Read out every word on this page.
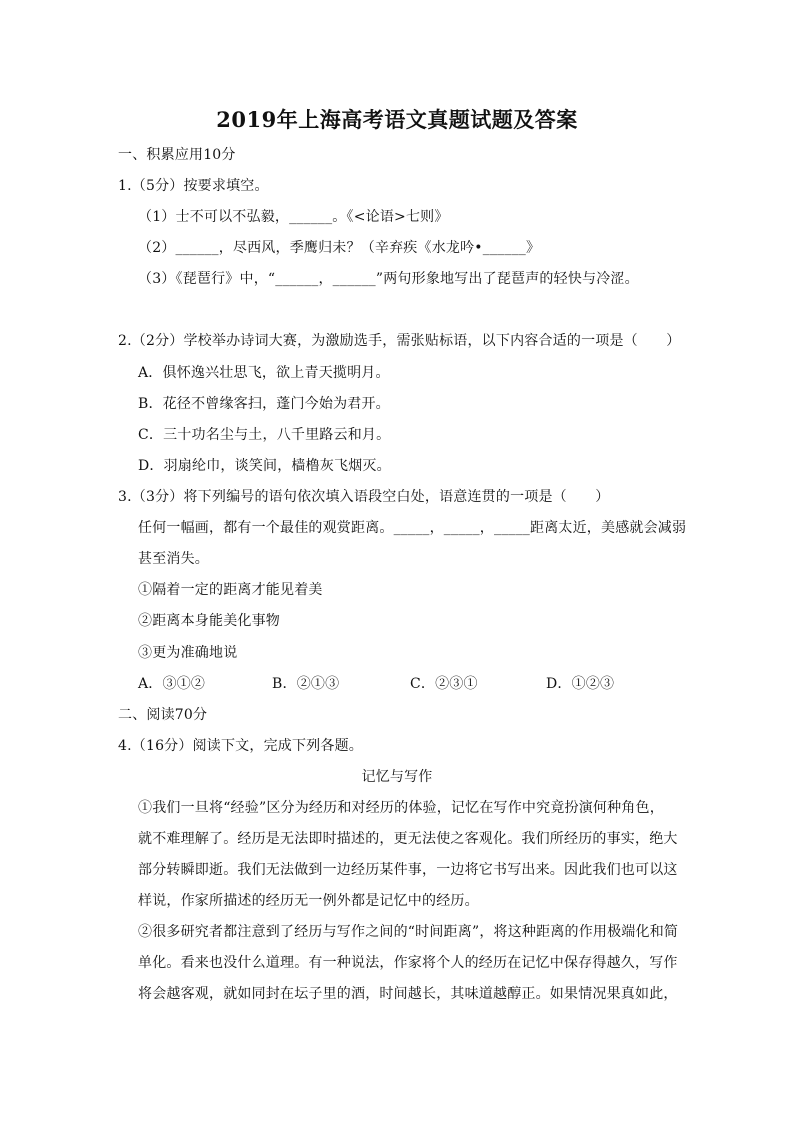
2019年上海高考语文真题试题及答案
一、积累应用10分
1.（5分）按要求填空。
（1）士不可以不弘毅，______。《<论语>七则》
（2）______，尽西风，季鹰归未？（辛弃疾《水龙吟•______》
（3）《琵琶行》中，“______，______”两句形象地写出了琵琶声的轻快与冷涩。
2.（2分）学校举办诗词大赛，为激励选手，需张贴标语，以下内容合适的一项是（　　）
A．俱怀逸兴壮思飞，欲上青天揽明月。
B．花径不曾缘客扫，蓬门今始为君开。
C．三十功名尘与土，八千里路云和月。
D．羽扇纶巾，谈笑间，樯橹灰飞烟灭。
3.（3分）将下列编号的语句依次填入语段空白处，语意连贯的一项是（　　）
任何一幅画，都有一个最佳的观赏距离。_____，_____，_____距离太近，美感就会减弱
甚至消失。
①隔着一定的距离才能见着美
②距离本身能美化事物
③更为准确地说
A．③①②	B．②①③	C．②③①	D．①②③
二、阅读70分
4.（16分）阅读下文，完成下列各题。
记忆与写作
①我们一旦将“经验”区分为经历和对经历的体验，记忆在写作中究竟扮演何种角色，
就不难理解了。经历是无法即时描述的，更无法使之客观化。我们所经历的事实，绝大
部分转瞬即逝。我们无法做到一边经历某件事，一边将它书写出来。因此我们也可以这
样说，作家所描述的经历无一例外都是记忆中的经历。
②很多研究者都注意到了经历与写作之间的“时间距离”，将这种距离的作用极端化和简
单化。看来也没什么道理。有一种说法，作家将个人的经历在记忆中保存得越久，写作
将会越客观，就如同封在坛子里的酒，时间越长，其味道越醇正。如果情况果真如此，
